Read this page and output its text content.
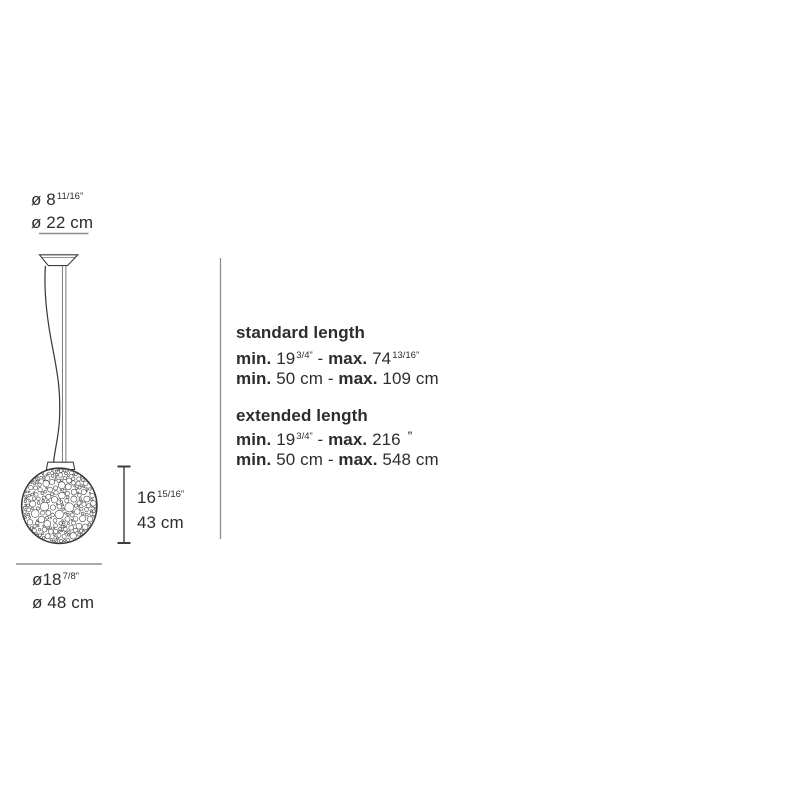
ø $8^{11/16”}$
ø 22 cm
$16^{15/16”}$
43 cm
$ø18^{7/8”}$
ø 48 cm
standard length
min. $19^{3/4”}$ - max. $74^{13/16”}$
min. 50 cm - max. 109 cm
extended length
min. $19^{3/4”}$ - max. 216 ”
min. 50 cm - max. 548 cm
